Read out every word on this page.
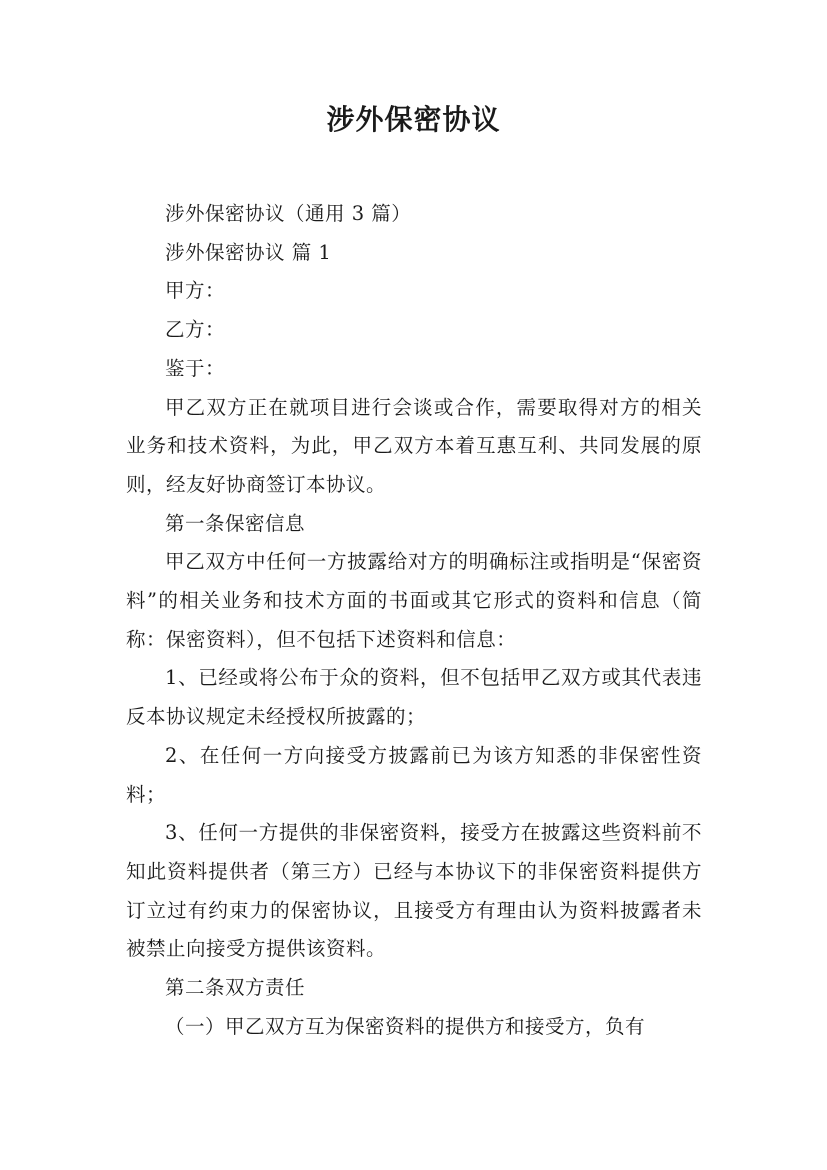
涉外保密协议

涉外保密协议（通用 3 篇）

涉外保密协议 篇 1

甲方：

乙方：

鉴于：

甲乙双方正在就项目进行会谈或合作，需要取得对方的相关业务和技术资料，为此，甲乙双方本着互惠互利、共同发展的原则，经友好协商签订本协议。

第一条保密信息

甲乙双方中任何一方披露给对方的明确标注或指明是“保密资料”的相关业务和技术方面的书面或其它形式的资料和信息（简称：保密资料），但不包括下述资料和信息：

1、已经或将公布于众的资料，但不包括甲乙双方或其代表违反本协议规定未经授权所披露的；

2、在任何一方向接受方披露前已为该方知悉的非保密性资料；

3、任何一方提供的非保密资料，接受方在披露这些资料前不知此资料提供者（第三方）已经与本协议下的非保密资料提供方订立过有约束力的保密协议，且接受方有理由认为资料披露者未被禁止向接受方提供该资料。

第二条双方责任

（一）甲乙双方互为保密资料的提供方和接受方，负有
